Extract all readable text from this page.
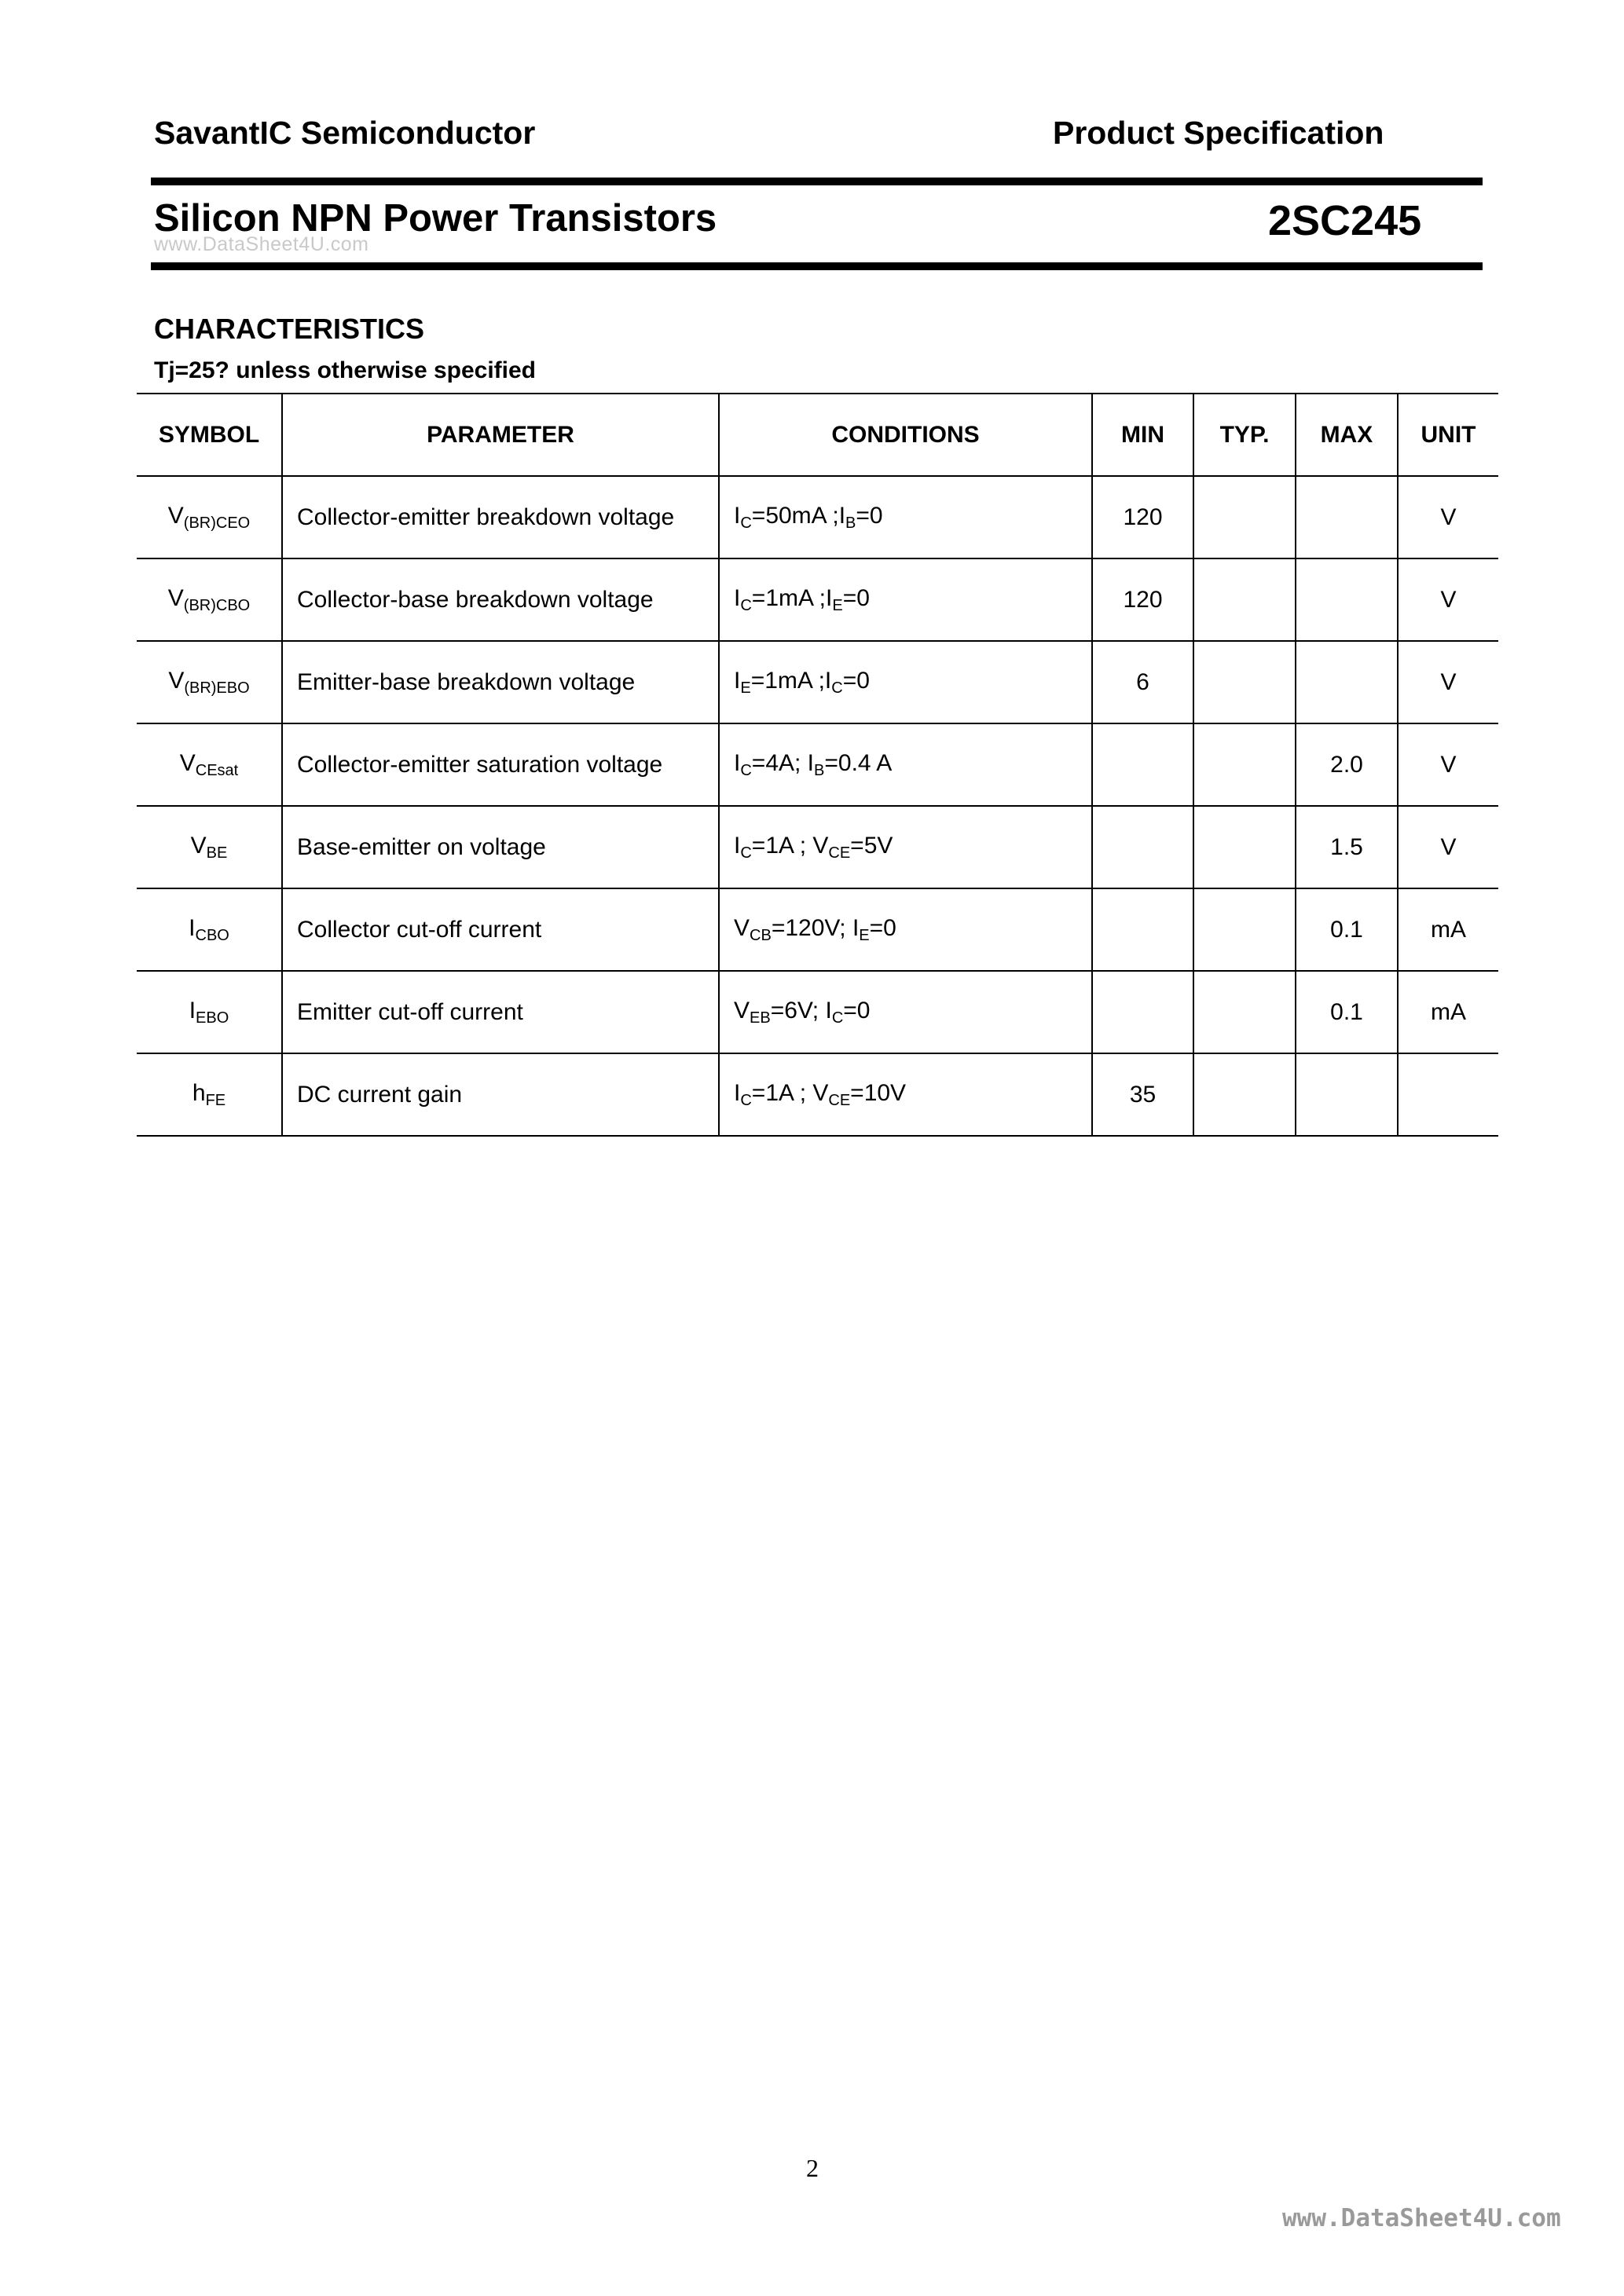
SavantIC Semiconductor	Product Specification
Silicon NPN Power Transistors	2SC245
www.DataSheet4U.com
CHARACTERISTICS
Tj=25? unless otherwise specified
SYMBOL	PARAMETER	CONDITIONS	MIN	TYP.	MAX	UNIT
$V_{(BR)CEO}$	Collector-emitter breakdown voltage	$I_C=50mA$ $;I_B=0$	120			V
$V_{(BR)CBO}$	Collector-base breakdown voltage	$I_C=1mA$ $;I_E=0$	120			V
$V_{(BR)EBO}$	Emitter-base breakdown voltage	$I_E=1mA$ $;I_C=0$	6			V
$V_{CEsat}$	Collector-emitter saturation voltage	$I_C=4A$; $I_B=0.4$ A			2.0	V
$V_{BE}$	Base-emitter on voltage	$I_C=1A$ ; $V_{CE}=5V$			1.5	V
$I_{CBO}$	Collector cut-off current	$V_{CB}=120V$; $I_E=0$			0.1	mA
$I_{EBO}$	Emitter cut-off current	$V_{EB}=6V$; $I_C=0$			0.1	mA
$h_{FE}$	DC current gain	$I_C=1A$ ; $V_{CE}=10V$	35			
2
www.DataSheet4U.com
